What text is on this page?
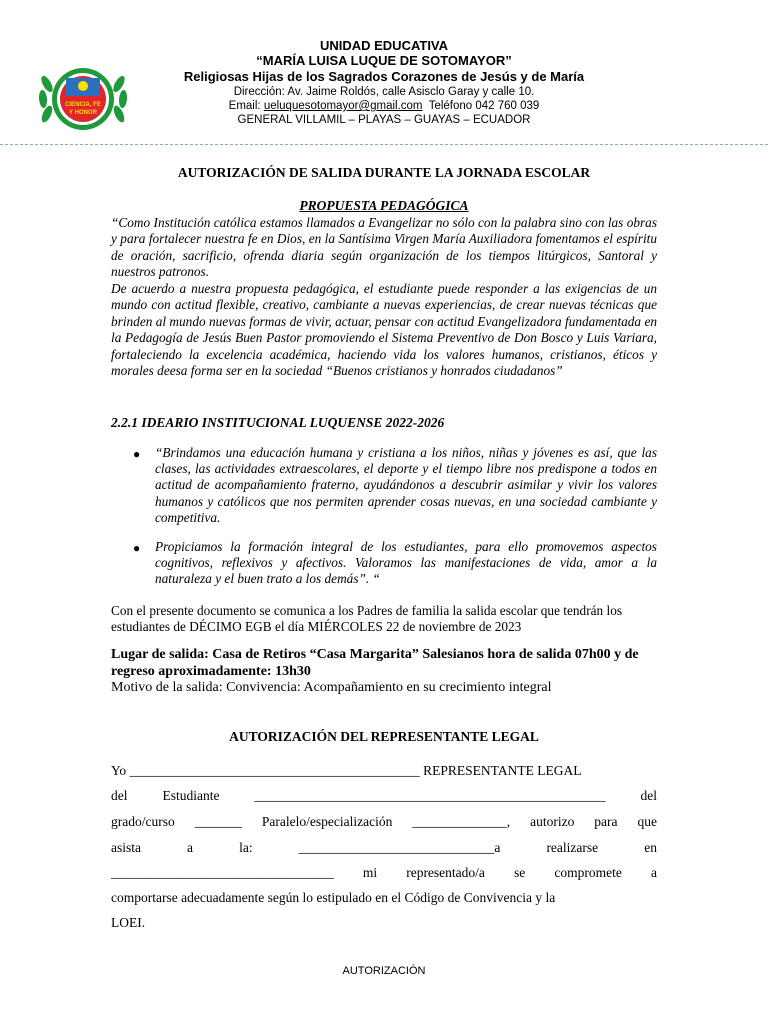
CIENCIA, FE
Y HONOR
UNIDAD EDUCATIVA
“MARÍA LUISA LUQUE DE SOTOMAYOR”
Religiosas Hijas de los Sagrados Corazones de Jesús y de María
Dirección: Av. Jaime Roldós, calle Asisclo Garay y calle 10.
Email: ueluquesotomayor@gmail.com  Teléfono 042 760 039
GENERAL VILLAMIL – PLAYAS – GUAYAS – ECUADOR
AUTORIZACIÓN DE SALIDA DURANTE LA JORNADA ESCOLAR
PROPUESTA PEDAGÓGICA
“Como Institución católica estamos llamados a Evangelizar no sólo con la palabra sino con las obras y para fortalecer nuestra fe en Dios, en la Santísima Virgen María Auxiliadora fomentamos el espíritu de oración, sacrificio, ofrenda diaria según organización de los tiempos litúrgicos, Santoral y nuestros patronos.
De acuerdo a nuestra propuesta pedagógica, el estudiante puede responder a las exigencias de un mundo con actitud flexible, creativo, cambiante a nuevas experiencias, de crear nuevas técnicas que brinden al mundo nuevas formas de vivir, actuar, pensar con actitud Evangelizadora fundamentada en la Pedagogía de Jesús Buen Pastor promoviendo el Sistema Preventivo de Don Bosco y Luis Variara, fortaleciendo la excelencia académica, haciendo vida los valores humanos, cristianos, éticos y morales deesa forma ser en la sociedad “Buenos cristianos y honrados ciudadanos”
2.2.1 IDEARIO INSTITUCIONAL LUQUENSE 2022-2026
● “Brindamos una educación humana y cristiana a los niños, niñas y jóvenes es así, que las clases, las actividades extraescolares, el deporte y el tiempo libre nos predispone a todos en actitud de acompañamiento fraterno, ayudándonos a descubrir asimilar y vivir los valores humanos y católicos que nos permiten aprender cosas nuevas, en una sociedad cambiante y competitiva.
● Propiciamos la formación integral de los estudiantes, para ello promovemos aspectos cognitivos, reflexivos y afectivos. Valoramos las manifestaciones de vida, amor a la naturaleza y el buen trato a los demás”. “
Con el presente documento se comunica a los Padres de familia la salida escolar que tendrán los estudiantes de DÉCIMO EGB el día MIÉRCOLES 22 de noviembre de 2023
Lugar de salida: Casa de Retiros “Casa Margarita” Salesianos hora de salida 07h00 y de regreso aproximadamente: 13h30
Motivo de la salida: Convivencia: Acompañamiento en su crecimiento integral
AUTORIZACIÓN DEL REPRESENTANTE LEGAL
Yo ___________________________________________ REPRESENTANTE LEGAL
del	Estudiante	____________________________________________________	del
grado/curso _______ Paralelo/especialización ______________, autorizo para que
asista	a	la:	_____________________________a	realizarse	en
_________________________________ mi representado/a se compromete a
comportarse adecuadamente según lo estipulado en el Código de Convivencia y la
LOEI.
AUTORIZACIÓN
